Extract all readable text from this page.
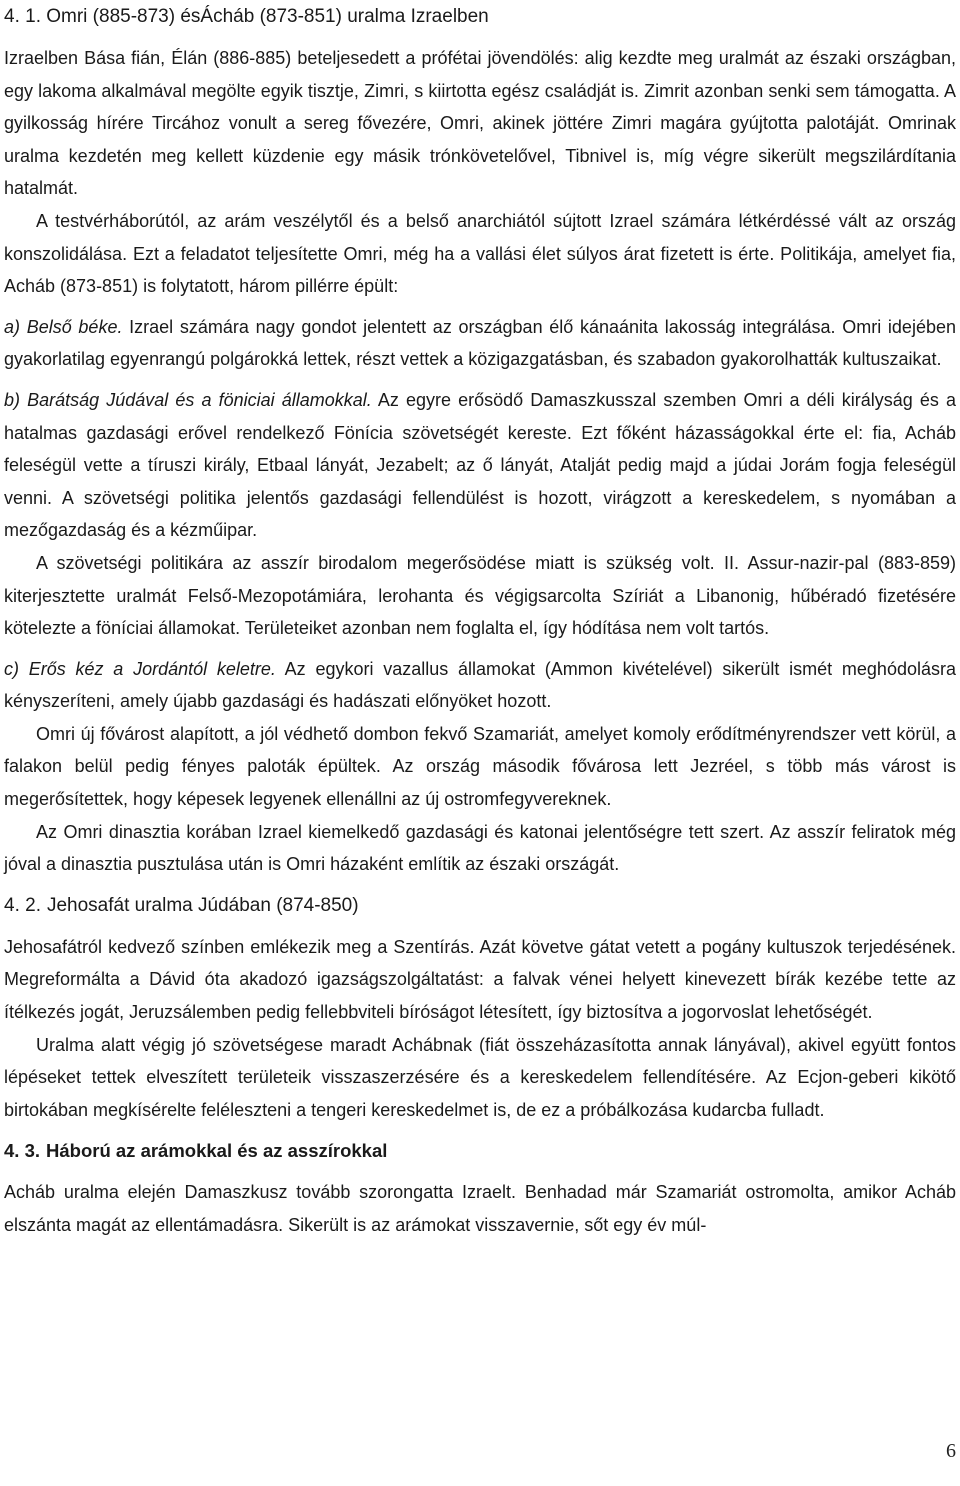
4. 1. Omri (885-873) ésÁcháb (873-851) uralma Izraelben

Izraelben Bása fián, Élán (886-885) beteljesedett a prófétai jövendölés: alig kezdte meg uralmát az északi országban, egy lakoma alkalmával megölte egyik tisztje, Zimri, s kiirtotta egész családját is. Zimrit azonban senki sem támogatta. A gyilkosság hírére Tircához vonult a sereg fővezére, Omri, akinek jöttére Zimri magára gyújtotta palotáját. Omrinak uralma kezdetén meg kellett küzdenie egy másik trónkövetelővel, Tibnivel is, míg végre sikerült megszilárdítania hatalmát.

A testvérháborútól, az arám veszélytől és a belső anarchiától sújtott Izrael számára létkérdéssé vált az ország konszolidálása. Ezt a feladatot teljesítette Omri, még ha a vallási élet súlyos árat fizetett is érte. Politikája, amelyet fia, Acháb (873-851) is folytatott, három pillérre épült:

a) Belső béke. Izrael számára nagy gondot jelentett az országban élő kánaánita lakosság integrálása. Omri idejében gyakorlatilag egyenrangú polgárokká lettek, részt vettek a közigazgatásban, és szabadon gyakorolhatták kultuszaikat.

b) Barátság Júdával és a föniciai államokkal. Az egyre erősödő Damaszkusszal szemben Omri a déli királyság és a hatalmas gazdasági erővel rendelkező Fönícia szövetségét kereste. Ezt főként házasságokkal érte el: fia, Acháb feleségül vette a tíruszi király, Etbaal lányát, Jezabelt; az ő lányát, Atalját pedig majd a júdai Jorám fogja feleségül venni. A szövetségi politika jelentős gazdasági fellendülést is hozott, virágzott a kereskedelem, s nyomában a mezőgazdaság és a kézműipar.

A szövetségi politikára az asszír birodalom megerősödése miatt is szükség volt. II. Assur-nazir-pal (883-859) kiterjesztette uralmát Felső-Mezopotámiára, lerohanta és végigsarcolta Szíriát a Libanonig, hűbéradó fizetésére kötelezte a föníciai államokat. Területeiket azonban nem foglalta el, így hódítása nem volt tartós.

c) Erős kéz a Jordántól keletre. Az egykori vazallus államokat (Ammon kivételével) sikerült ismét meghódolásra kényszeríteni, amely újabb gazdasági és hadászati előnyöket hozott.

Omri új fővárost alapított, a jól védhető dombon fekvő Szamariát, amelyet komoly erődítményrendszer vett körül, a falakon belül pedig fényes paloták épültek. Az ország második fővárosa lett Jezréel, s több más várost is megerősítettek, hogy képesek legyenek ellenállni az új ostromfegyvereknek.

Az Omri dinasztia korában Izrael kiemelkedő gazdasági és katonai jelentőségre tett szert. Az asszír feliratok még jóval a dinasztia pusztulása után is Omri házaként említik az északi országát.

4. 2. Jehosafát uralma Júdában (874-850)

Jehosafátról kedvező színben emlékezik meg a Szentírás. Azát követve gátat vetett a pogány kultuszok terjedésének. Megreformálta a Dávid óta akadozó igazságszolgáltatást: a falvak vénei helyett kinevezett bírák kezébe tette az ítélkezés jogát, Jeruzsálemben pedig fellebbviteli bíróságot létesített, így biztosítva a jogorvoslat lehetőségét.

Uralma alatt végig jó szövetségese maradt Achábnak (fiát összeházasította annak lányával), akivel együtt fontos lépéseket tettek elveszített területeik visszaszerzésére és a kereskedelem fellendítésére. Az Ecjon-geberi kikötő birtokában megkísérelte feléleszteni a tengeri kereskedelmet is, de ez a próbálkozása kudarcba fulladt.

4. 3. Háború az arámokkal és az asszírokkal

Acháb uralma elején Damaszkusz tovább szorongatta Izraelt. Benhadad már Szamariát ostromolta, amikor Acháb elszánta magát az ellentámadásra. Sikerült is az arámokat visszavernie, sőt egy év múl-

6
